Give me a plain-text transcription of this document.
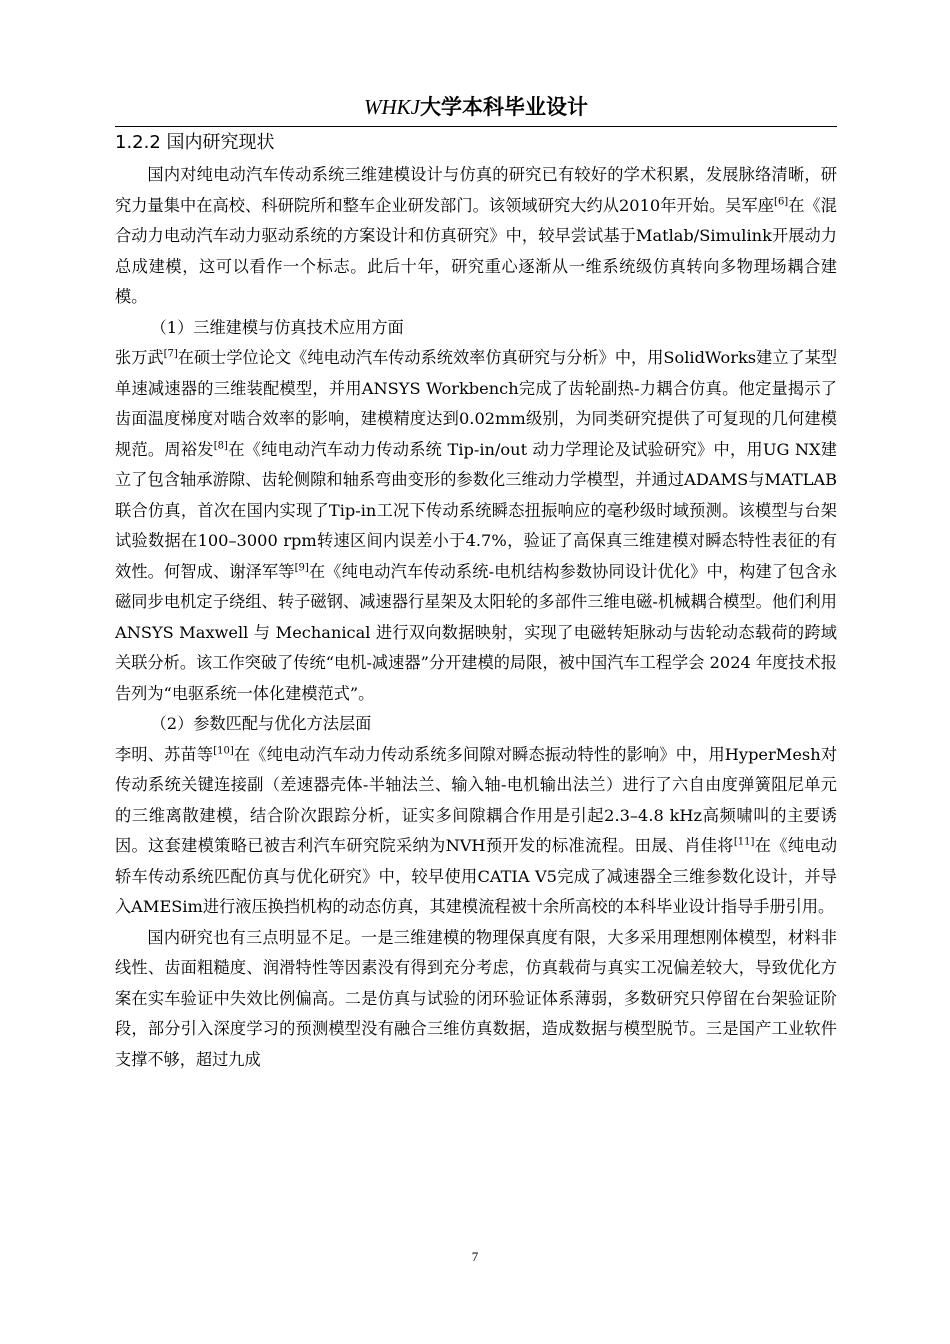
WHKJ大学本科毕业设计
1.2.2 国内研究现状

国内对纯电动汽车传动系统三维建模设计与仿真的研究已有较好的学术积累，发展脉络清晰，研究力量集中在高校、科研院所和整车企业研发部门。该领域研究大约从2010年开始。吴军座[6]在《混合动力电动汽车动力驱动系统的方案设计和仿真研究》中，较早尝试基于Matlab/Simulink开展动力总成建模，这可以看作一个标志。此后十年，研究重心逐渐从一维系统级仿真转向多物理场耦合建模。

（1）三维建模与仿真技术应用方面

张万武[7]在硕士学位论文《纯电动汽车传动系统效率仿真研究与分析》中，用SolidWorks建立了某型单速减速器的三维装配模型，并用ANSYS Workbench完成了齿轮副热-力耦合仿真。他定量揭示了齿面温度梯度对啮合效率的影响，建模精度达到0.02mm级别，为同类研究提供了可复现的几何建模规范。周裕发[8]在《纯电动汽车动力传动系统 Tip-in/out 动力学理论及试验研究》中，用UG NX建立了包含轴承游隙、齿轮侧隙和轴系弯曲变形的参数化三维动力学模型，并通过ADAMS与MATLAB联合仿真，首次在国内实现了Tip-in工况下传动系统瞬态扭振响应的毫秒级时域预测。该模型与台架试验数据在100–3000 rpm转速区间内误差小于4.7%，验证了高保真三维建模对瞬态特性表征的有效性。何智成、谢泽军等[9]在《纯电动汽车传动系统-电机结构参数协同设计优化》中，构建了包含永磁同步电机定子绕组、转子磁钢、减速器行星架及太阳轮的多部件三维电磁-机械耦合模型。他们利用 ANSYS Maxwell 与 Mechanical 进行双向数据映射，实现了电磁转矩脉动与齿轮动态载荷的跨域关联分析。该工作突破了传统“电机-减速器”分开建模的局限，被中国汽车工程学会 2024 年度技术报告列为“电驱系统一体化建模范式”。

（2）参数匹配与优化方法层面

李明、苏苗等[10]在《纯电动汽车动力传动系统多间隙对瞬态振动特性的影响》中，用HyperMesh对传动系统关键连接副（差速器壳体-半轴法兰、输入轴-电机输出法兰）进行了六自由度弹簧阻尼单元的三维离散建模，结合阶次跟踪分析，证实多间隙耦合作用是引起2.3–4.8 kHz高频啸叫的主要诱因。这套建模策略已被吉利汽车研究院采纳为NVH预开发的标准流程。田晟、肖佳将[11]在《纯电动轿车传动系统匹配仿真与优化研究》中，较早使用CATIA V5完成了减速器全三维参数化设计，并导入AMESim进行液压换挡机构的动态仿真，其建模流程被十余所高校的本科毕业设计指导手册引用。

国内研究也有三点明显不足。一是三维建模的物理保真度有限，大多采用理想刚体模型，材料非线性、齿面粗糙度、润滑特性等因素没有得到充分考虑，仿真载荷与真实工况偏差较大，导致优化方案在实车验证中失效比例偏高。二是仿真与试验的闭环验证体系薄弱，多数研究只停留在台架验证阶段，部分引入深度学习的预测模型没有融合三维仿真数据，造成数据与模型脱节。三是国产工业软件支撑不够，超过九成

7
